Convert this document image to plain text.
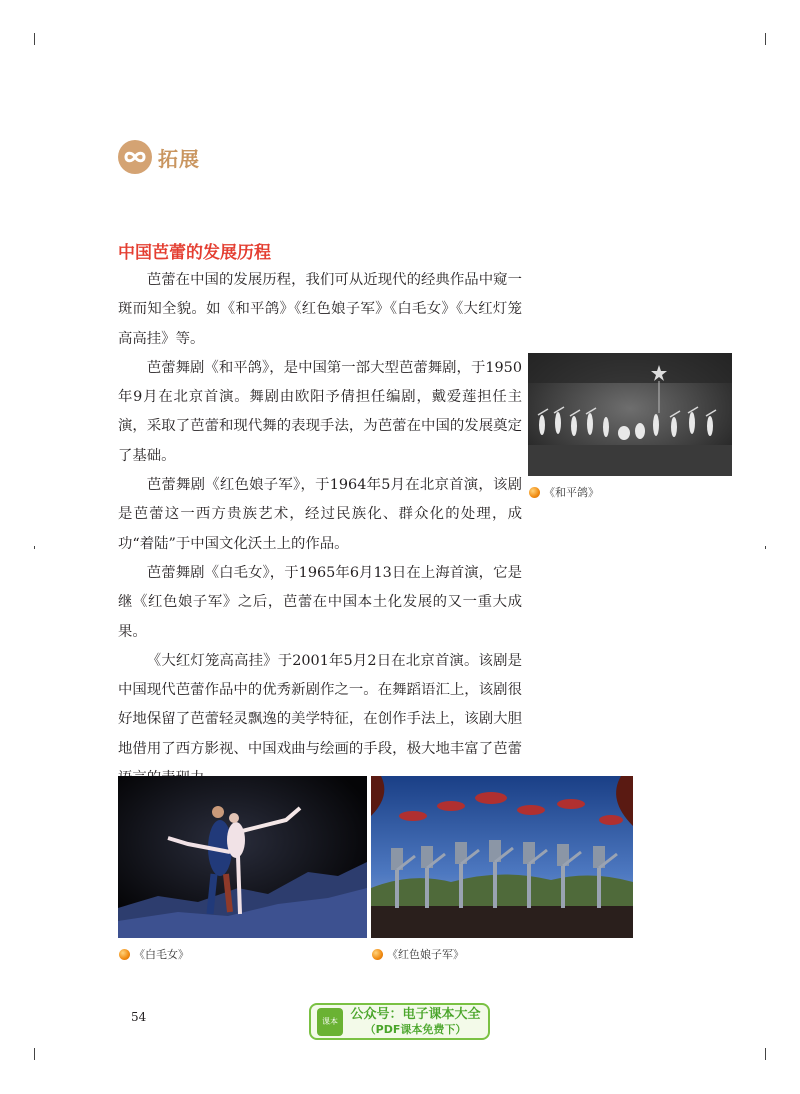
拓展
中国芭蕾的发展历程

芭蕾在中国的发展历程，我们可从近现代的经典作品中窥一斑而知全貌。如《和平鸽》《红色娘子军》《白毛女》《大红灯笼高高挂》等。

芭蕾舞剧《和平鸽》，是中国第一部大型芭蕾舞剧，于1950年9月在北京首演。舞剧由欧阳予倩担任编剧，戴爱莲担任主演，采取了芭蕾和现代舞的表现手法，为芭蕾在中国的发展奠定了基础。

芭蕾舞剧《红色娘子军》，于1964年5月在北京首演，该剧是芭蕾这一西方贵族艺术，经过民族化、群众化的处理，成功“着陆”于中国文化沃土上的作品。

芭蕾舞剧《白毛女》，于1965年6月13日在上海首演，它是继《红色娘子军》之后，芭蕾在中国本土化发展的又一重大成果。

《大红灯笼高高挂》于2001年5月2日在北京首演。该剧是中国现代芭蕾作品中的优秀新剧作之一。在舞蹈语汇上，该剧很好地保留了芭蕾轻灵飘逸的美学特征，在创作手法上，该剧大胆地借用了西方影视、中国戏曲与绘画的手段，极大地丰富了芭蕾

《和平鸽》
《白毛女》	《红色娘子军》
54	课本 公众号：电子课本大全
（PDF课本免费下）
